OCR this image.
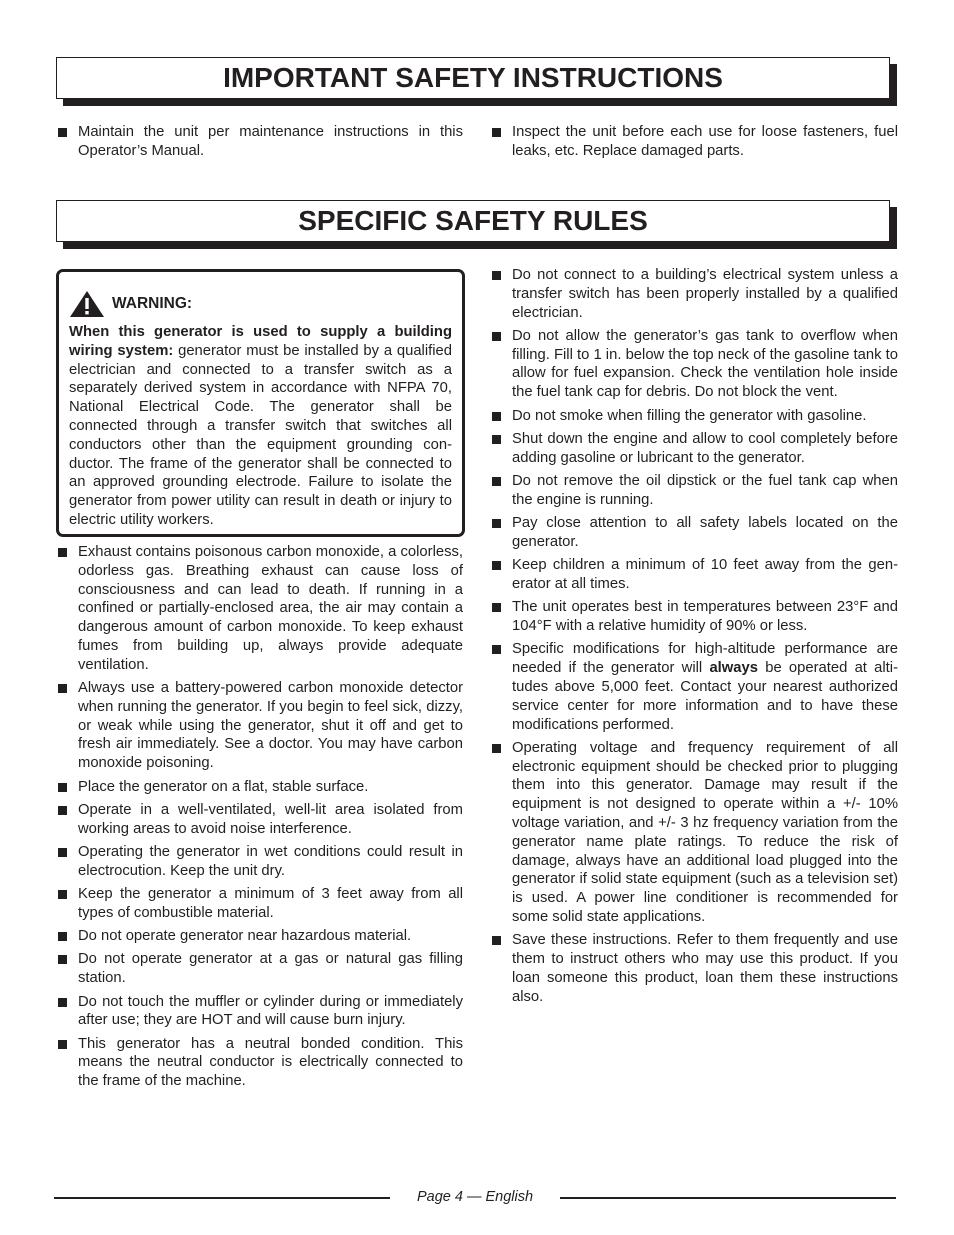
IMPORTANT SAFETY INSTRUCTIONS
Maintain the unit per maintenance instructions in this Operator’s Manual.
Inspect the unit before each use for loose fasteners, fuel leaks, etc. Replace damaged parts.
SPECIFIC SAFETY RULES
WARNING:
When this generator is used to supply a building wiring system: generator must be installed by a qualified electrician and connected to a transfer switch as a separately derived system in accordance with NFPA 70, National Electrical Code. The generator shall be connected through a transfer switch that switches all conductors other than the equipment grounding conductor. The frame of the generator shall be connected to an approved grounding electrode. Failure to isolate the generator from power utility can result in death or injury to electric utility workers.
Exhaust contains poisonous carbon monoxide, a colorless, odorless gas. Breathing exhaust can cause loss of consciousness and can lead to death. If running in a confined or partially-enclosed area, the air may contain a dangerous amount of carbon monoxide. To keep exhaust fumes from building up, always provide adequate ventilation.
Always use a battery-powered carbon monoxide detector when running the generator. If you begin to feel sick, dizzy, or weak while using the generator, shut it off and get to fresh air immediately. See a doctor. You may have carbon monoxide poisoning.
Place the generator on a flat, stable surface.
Operate in a well-ventilated, well-lit area isolated from working areas to avoid noise interference.
Operating the generator in wet conditions could result in electrocution. Keep the unit dry.
Keep the generator a minimum of 3 feet away from all types of combustible material.
Do not operate generator near hazardous material.
Do not operate generator at a gas or natural gas filling station.
Do not touch the muffler or cylinder during or immediately after use; they are HOT and will cause burn injury.
This generator has a neutral bonded condition. This means the neutral conductor is electrically connected to the frame of the machine.
Do not connect to a building’s electrical system unless a transfer switch has been properly installed by a qualified electrician.
Do not allow the generator’s gas tank to overflow when filling. Fill to 1 in. below the top neck of the gasoline tank to allow for fuel expansion. Check the ventilation hole inside the fuel tank cap for debris. Do not block the vent.
Do not smoke when filling the generator with gasoline.
Shut down the engine and allow to cool completely before adding gasoline or lubricant to the generator.
Do not remove the oil dipstick or the fuel tank cap when the engine is running.
Pay close attention to all safety labels located on the generator.
Keep children a minimum of 10 feet away from the generator at all times.
The unit operates best in temperatures between 23°F and 104°F with a relative humidity of 90% or less.
Specific modifications for high-altitude performance are needed if the generator will always be operated at altitudes above 5,000 feet. Contact your nearest authorized service center for more information and to have these modifications performed.
Operating voltage and frequency requirement of all electronic equipment should be checked prior to plugging them into this generator. Damage may result if the equipment is not designed to operate within a +/- 10% voltage variation, and +/- 3 hz frequency variation from the generator name plate ratings. To reduce the risk of damage, always have an additional load plugged into the generator if solid state equipment (such as a television set) is used. A power line conditioner is recommended for some solid state applications.
Save these instructions. Refer to them frequently and use them to instruct others who may use this product. If you loan someone this product, loan them these instructions also.
Page 4 — English
